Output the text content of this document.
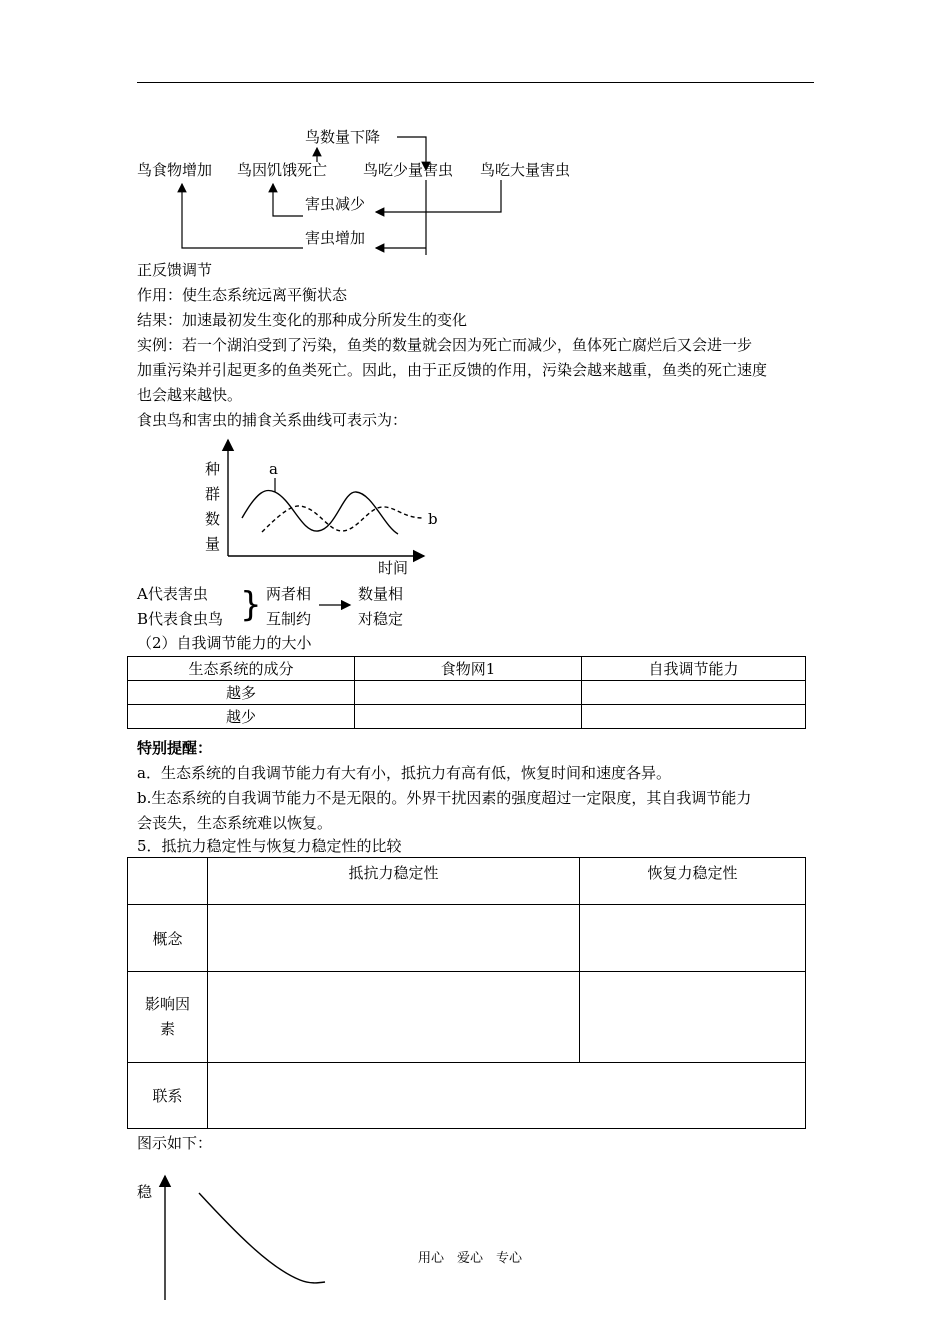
鸟数量下降
鸟食物增加 鸟因饥饿死亡 鸟吃少量害虫 鸟吃大量害虫
害虫减少
害虫增加
正反馈调节
作用：使生态系统远离平衡状态
结果：加速最初发生变化的那种成分所发生的变化
实例：若一个湖泊受到了污染，鱼类的数量就会因为死亡而减少，鱼体死亡腐烂后又会进一步
加重污染并引起更多的鱼类死亡。因此，由于正反馈的作用，污染会越来越重，鱼类的死亡速度
也会越来越快。
食虫鸟和害虫的捕食关系曲线可表示为：
种
群
数
量
a
b
时间
A代表害虫
B代表食虫鸟 } 两者相
互制约
数量相
对稳定
（2）自我调节能力的大小
生态系统的成分	食物网1	自我调节能力
越多		
越少		
特别提醒：
a．生态系统的自我调节能力有大有小，抵抗力有高有低，恢复时间和速度各异。
b.生态系统的自我调节能力不是无限的。外界干扰因素的强度超过一定限度，其自我调节能力
会丧失，生态系统难以恢复。
5．抵抗力稳定性与恢复力稳定性的比较
	抵抗力稳定性	恢复力稳定性
概念		

影响因
素		

联系		
图示如下：
稳
用心　爱心　专心
